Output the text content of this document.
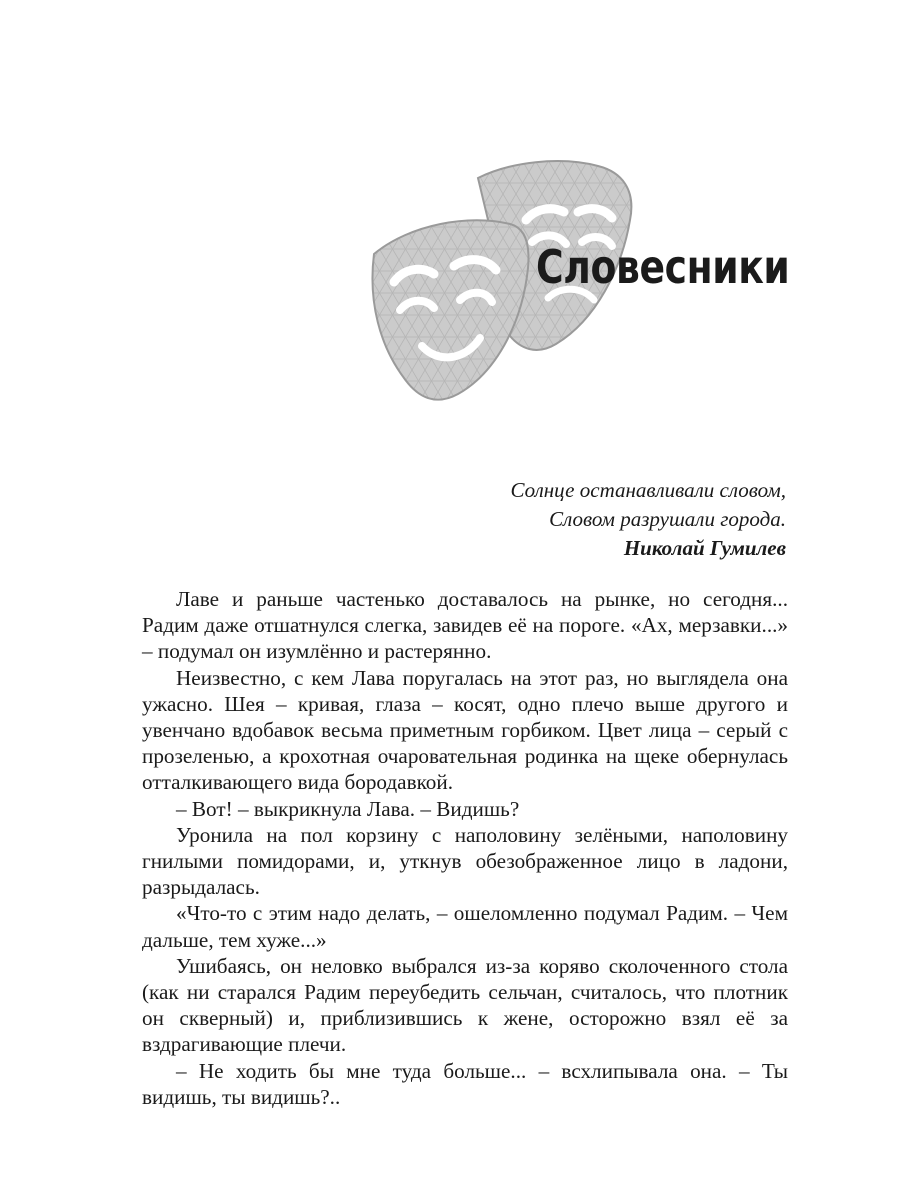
Словесники
Солнце останавливали словом,
Словом разрушали города.
Николай Гумилев

Лаве и раньше частенько доставалось на рынке, но сегодня... Радим даже отшатнулся слегка, завидев её на пороге. «Ах, мерзавки...» – подумал он изумлённо и растерянно.

Неизвестно, с кем Лава поругалась на этот раз, но выглядела она ужасно. Шея – кривая, глаза – косят, одно плечо выше другого и увенчано вдобавок весьма приметным горбиком. Цвет лица – серый с прозеленью, а крохотная очаровательная родинка на щеке обернулась отталкивающего вида бородавкой.

– Вот! – выкрикнула Лава. – Видишь?

Уронила на пол корзину с наполовину зелёными, наполовину гнилыми помидорами, и, уткнув обезображенное лицо в ладони, разрыдалась.

«Что-то с этим надо делать, – ошеломленно подумал Радим. – Чем дальше, тем хуже...»

Ушибаясь, он неловко выбрался из-за коряво сколоченного стола (как ни старался Радим переубедить сельчан, считалось, что плотник он скверный) и, приблизившись к жене, осторожно взял её за вздрагивающие плечи.

– Не ходить бы мне туда больше... – всхлипывала она. – Ты видишь, ты видишь?..
